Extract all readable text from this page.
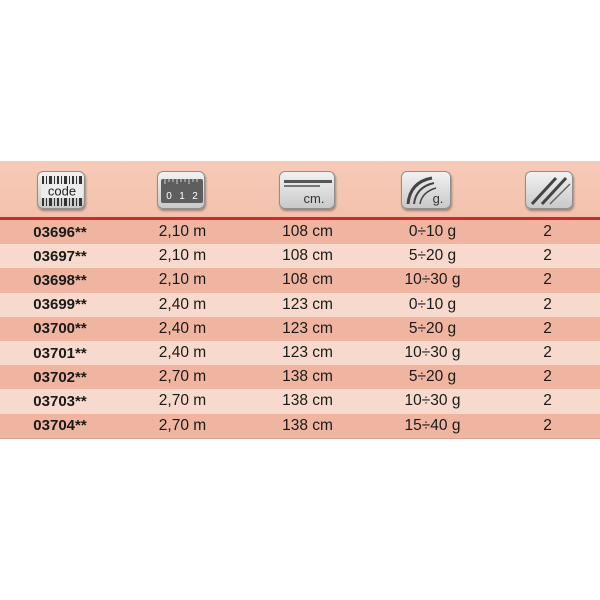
code	0 1 2	cm.	g.
03696**	2,10 m	108 cm	0÷10 g	2
03697**	2,10 m	108 cm	5÷20 g	2
03698**	2,10 m	108 cm	10÷30 g	2
03699**	2,40 m	123 cm	0÷10 g	2
03700**	2,40 m	123 cm	5÷20 g	2
03701**	2,40 m	123 cm	10÷30 g	2
03702**	2,70 m	138 cm	5÷20 g	2
03703**	2,70 m	138 cm	10÷30 g	2
03704**	2,70 m	138 cm	15÷40 g	2
